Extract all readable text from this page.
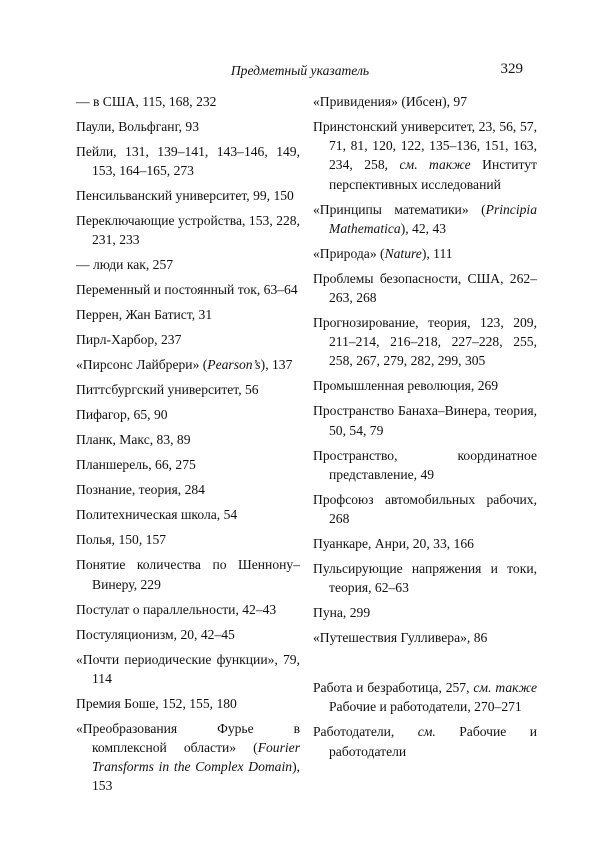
Предметный указатель	329
— в США, 115, 168, 232
Паули, Вольфганг, 93
Пейли, 131, 139–141, 143–146, 149, 153, 164–165, 273
Пенсильванский университет, 99, 150
Переключающие устройства, 153, 228, 231, 233
— люди как, 257
Переменный и постоянный ток, 63–64
Перрен, Жан Батист, 31
Пирл-Харбор, 237
«Пирсонс Лайбрери» (Pearson’s), 137
Питтсбургский университет, 56
Пифагор, 65, 90
Планк, Макс, 83, 89
Планшерель, 66, 275
Познание, теория, 284
Политехническая школа, 54
Полья, 150, 157
Понятие количества по Шеннону–Винеру, 229
Постулат о параллельности, 42–43
Постуляционизм, 20, 42–45
«Почти периодические функции», 79, 114
Премия Боше, 152, 155, 180
«Преобразования Фурье в комплексной области» (Fourier Transforms in the Complex Domain), 153
«Привидения» (Ибсен), 97
Принстонский университет, 23, 56, 57, 71, 81, 120, 122, 135–136, 151, 163, 234, 258, см. также Институт перспективных исследований
«Принципы математики» (Principia Mathematica), 42, 43
«Природа» (Nature), 111
Проблемы безопасности, США, 262–263, 268
Прогнозирование, теория, 123, 209, 211–214, 216–218, 227–228, 255, 258, 267, 279, 282, 299, 305
Промышленная революция, 269
Пространство Банаха–Винера, теория, 50, 54, 79
Пространство, координатное представление, 49
Профсоюз автомобильных рабочих, 268
Пуанкаре, Анри, 20, 33, 166
Пульсирующие напряжения и токи, теория, 62–63
Пуна, 299
«Путешествия Гулливера», 86
Работа и безработица, 257, см. также Рабочие и работодатели, 270–271
Работодатели, см. Рабочие и работодатели
